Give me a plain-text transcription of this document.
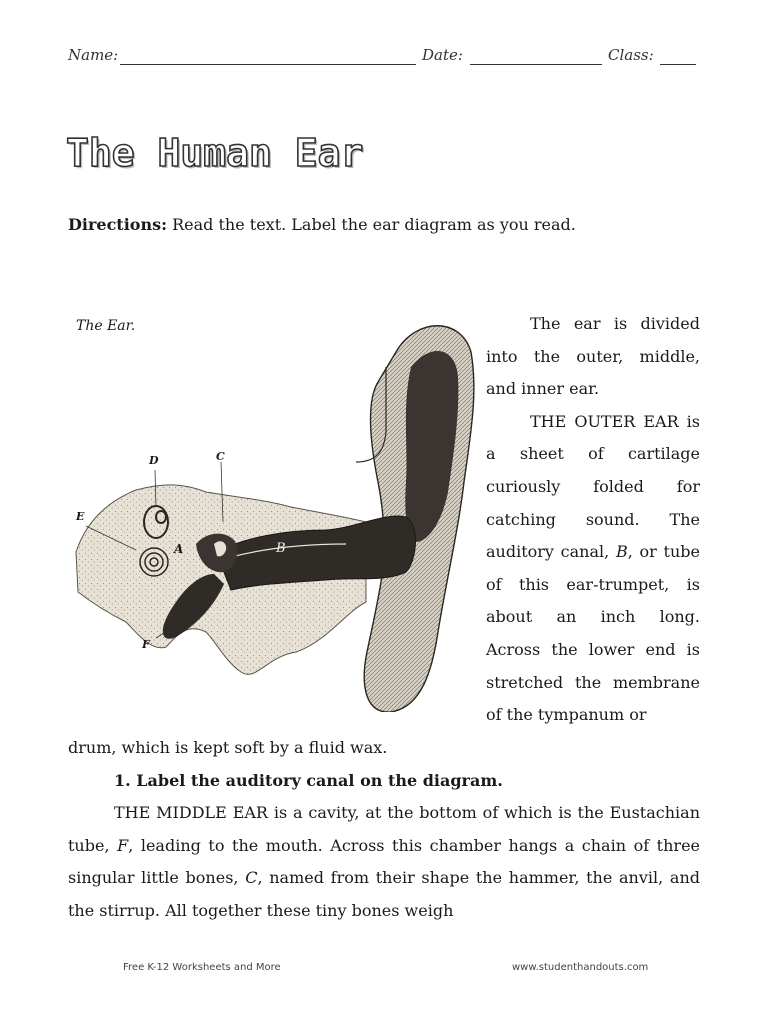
Name:	Date:	Class:
The Human Ear
Directions: Read the text. Label the ear diagram as you read.
The Ear.
A	B
C
D
E
F

The ear is divided into the outer, middle, and inner ear.

THE OUTER EAR is a sheet of cartilage curiously folded for catching sound. The auditory canal, B, or tube of this ear-trumpet, is about an inch long. Across the lower end is stretched the membrane of the tympanum or

drum, which is kept soft by a fluid wax.

1. Label the auditory canal on the diagram.

THE MIDDLE EAR is a cavity, at the bottom of which is the Eustachian tube, F, leading to the mouth. Across this chamber hangs a chain of three singular little bones, C, named from their shape the hammer, the anvil, and the stirrup. All together these tiny bones weigh

Free K-12 Worksheets and More	www.studenthandouts.com
